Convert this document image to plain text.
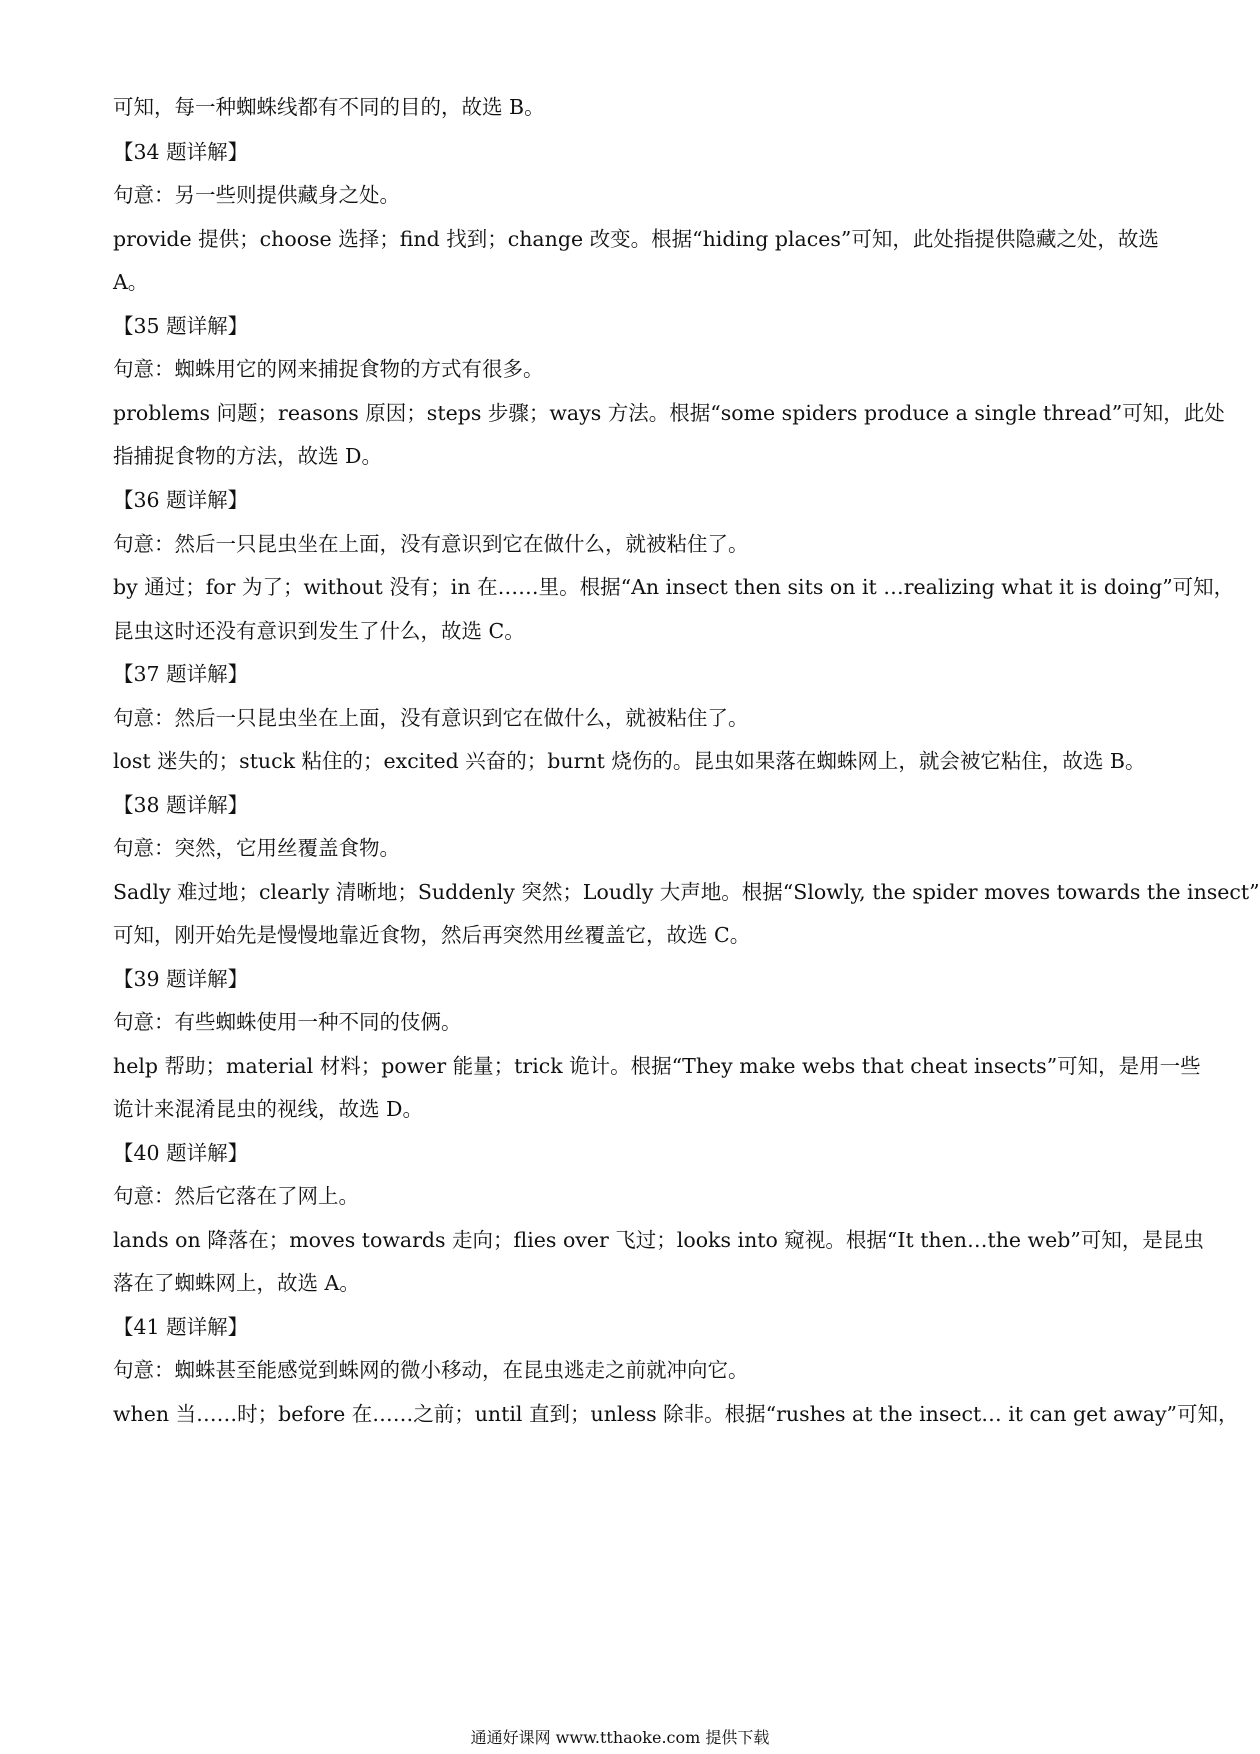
可知，每一种蜘蛛线都有不同的目的，故选 B。
【34 题详解】
句意：另一些则提供藏身之处。
provide 提供；choose 选择；find 找到；change 改变。根据“hiding places”可知，此处指提供隐藏之处，故选
A。
【35 题详解】
句意：蜘蛛用它的网来捕捉食物的方式有很多。
problems 问题；reasons 原因；steps 步骤；ways 方法。根据“some spiders produce a single thread”可知，此处
指捕捉食物的方法，故选 D。
【36 题详解】
句意：然后一只昆虫坐在上面，没有意识到它在做什么，就被粘住了。
by 通过；for 为了；without 没有；in 在……里。根据“An insect then sits on it …realizing what it is doing”可知，
昆虫这时还没有意识到发生了什么，故选 C。
【37 题详解】
句意：然后一只昆虫坐在上面，没有意识到它在做什么，就被粘住了。
lost 迷失的；stuck 粘住的；excited 兴奋的；burnt 烧伤的。昆虫如果落在蜘蛛网上，就会被它粘住，故选 B。
【38 题详解】
句意：突然，它用丝覆盖食物。
Sadly 难过地；clearly 清晰地；Suddenly 突然；Loudly 大声地。根据“Slowly, the spider moves towards the insect”
可知，刚开始先是慢慢地靠近食物，然后再突然用丝覆盖它，故选 C。
【39 题详解】
句意：有些蜘蛛使用一种不同的伎俩。
help 帮助；material 材料；power 能量；trick 诡计。根据“They make webs that cheat insects”可知，是用一些
诡计来混淆昆虫的视线，故选 D。
【40 题详解】
句意：然后它落在了网上。
lands on 降落在；moves towards 走向；flies over 飞过；looks into 窥视。根据“It then…the web”可知，是昆虫
落在了蜘蛛网上，故选 A。
【41 题详解】
句意：蜘蛛甚至能感觉到蛛网的微小移动，在昆虫逃走之前就冲向它。
when 当……时；before 在……之前；until 直到；unless 除非。根据“rushes at the insect… it can get away”可知，
通通好课网 www.tthaoke.com 提供下载
